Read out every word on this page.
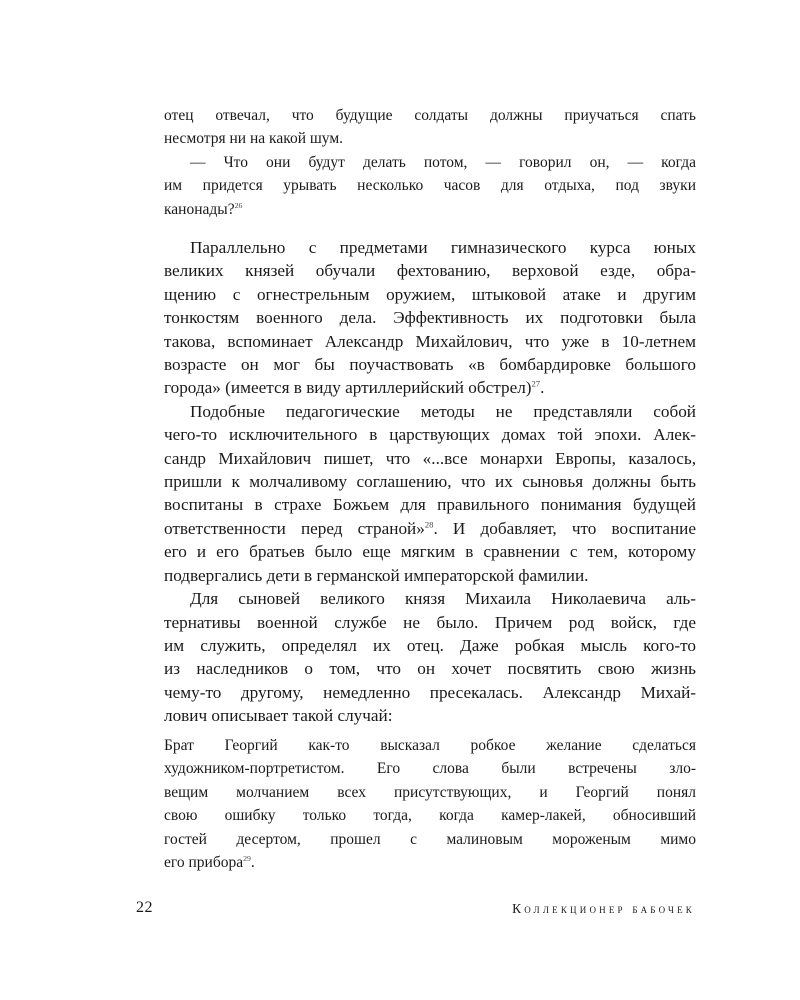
отец отвечал, что будущие солдаты должны приучаться спать
несмотря ни на какой шум.
— Что они будут делать потом, — говорил он, — когда
им придется урывать несколько часов для отдыха, под звуки
канонады?$^{26}$
Параллельно с предметами гимназического курса юных
великих князей обучали фехтованию, верховой езде, обра-
щению с огнестрельным оружием, штыковой атаке и другим
тонкостям военного дела. Эффективность их подготовки была
такова, вспоминает Александр Михайлович, что уже в 10-летнем
возрасте он мог бы поучаствовать «в бомбардировке большого
города» (имеется в виду артиллерийский обстрел)$^{27}$.
Подобные педагогические методы не представляли собой
чего-то исключительного в царствующих домах той эпохи. Алек-
сандр Михайлович пишет, что «...все монархи Европы, казалось,
пришли к молчаливому соглашению, что их сыновья должны быть
воспитаны в страхе Божьем для правильного понимания будущей
ответственности перед страной»$^{28}$. И добавляет, что воспитание
его и его братьев было еще мягким в сравнении с тем, которому
подвергались дети в германской императорской фамилии.
Для сыновей великого князя Михаила Николаевича аль-
тернативы военной службе не было. Причем род войск, где
им служить, определял их отец. Даже робкая мысль кого-то
из наследников о том, что он хочет посвятить свою жизнь
чему-то другому, немедленно пресекалась. Александр Михай-
лович описывает такой случай:
Брат Георгий как-то высказал робкое желание сделаться
художником-портретистом. Его слова были встречены зло-
вещим молчанием всех присутствующих, и Георгий понял
свою ошибку только тогда, когда камер-лакей, обносивший
гостей десертом, прошел с малиновым мороженым мимо
его прибора$^{29}$.
22	Коллекционер бабочек
